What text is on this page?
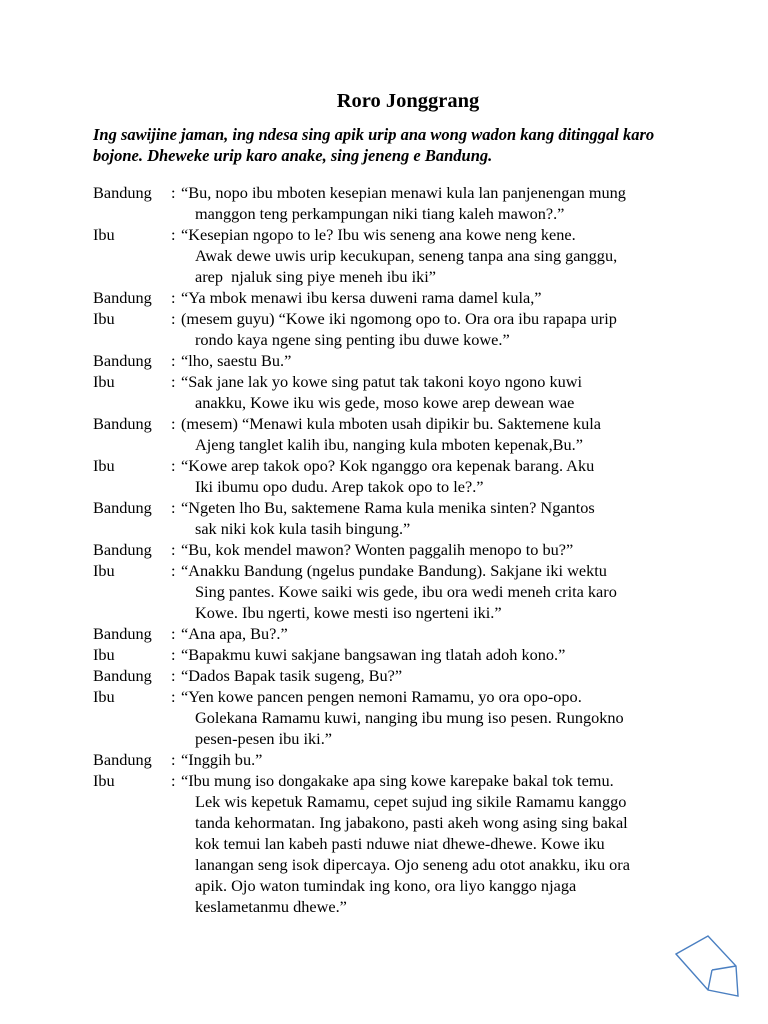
Roro Jonggrang

Ing sawijine jaman, ing ndesa sing apik urip ana wong wadon kang ditinggal karo bojone. Dheweke urip karo anake, sing jeneng e Bandung.

Bandung	: “Bu, nopo ibu mboten kesepian menawi kula lan panjenengan mung
manggon teng perkampungan niki tiang kaleh mawon?.”
Ibu	: “Kesepian ngopo to le? Ibu wis seneng ana kowe neng kene.
Awak dewe uwis urip kecukupan, seneng tanpa ana sing ganggu,
arep  njaluk sing piye meneh ibu iki”
Bandung	: “Ya mbok menawi ibu kersa duweni rama damel kula,”
Ibu	: (mesem guyu) “Kowe iki ngomong opo to. Ora ora ibu rapapa urip
rondo kaya ngene sing penting ibu duwe kowe.”
Bandung	: “lho, saestu Bu.”
Ibu	: “Sak jane lak yo kowe sing patut tak takoni koyo ngono kuwi
anakku, Kowe iku wis gede, moso kowe arep dewean wae
Bandung	: (mesem) “Menawi kula mboten usah dipikir bu. Saktemene kula
Ajeng tanglet kalih ibu, nanging kula mboten kepenak,Bu.”
Ibu	: “Kowe arep takok opo? Kok nganggo ora kepenak barang. Aku
Iki ibumu opo dudu. Arep takok opo to le?.”
Bandung	: “Ngeten lho Bu, saktemene Rama kula menika sinten? Ngantos
sak niki kok kula tasih bingung.”
Bandung	: “Bu, kok mendel mawon? Wonten paggalih menopo to bu?”
Ibu	: “Anakku Bandung (ngelus pundake Bandung). Sakjane iki wektu
Sing pantes. Kowe saiki wis gede, ibu ora wedi meneh crita karo
Kowe. Ibu ngerti, kowe mesti iso ngerteni iki.”
Bandung	: “Ana apa, Bu?.”
Ibu	: “Bapakmu kuwi sakjane bangsawan ing tlatah adoh kono.”
Bandung	: “Dados Bapak tasik sugeng, Bu?”
Ibu	: “Yen kowe pancen pengen nemoni Ramamu, yo ora opo-opo.
Golekana Ramamu kuwi, nanging ibu mung iso pesen. Rungokno
pesen-pesen ibu iki.”
Bandung	: “Inggih bu.”
Ibu	: “Ibu mung iso dongakake apa sing kowe karepake bakal tok temu.
Lek wis kepetuk Ramamu, cepet sujud ing sikile Ramamu kanggo
tanda kehormatan. Ing jabakono, pasti akeh wong asing sing bakal
kok temui lan kabeh pasti nduwe niat dhewe-dhewe. Kowe iku
lanangan seng isok dipercaya. Ojo seneng adu otot anakku, iku ora
apik. Ojo waton tumindak ing kono, ora liyo kanggo njaga
keslametanmu dhewe.”
